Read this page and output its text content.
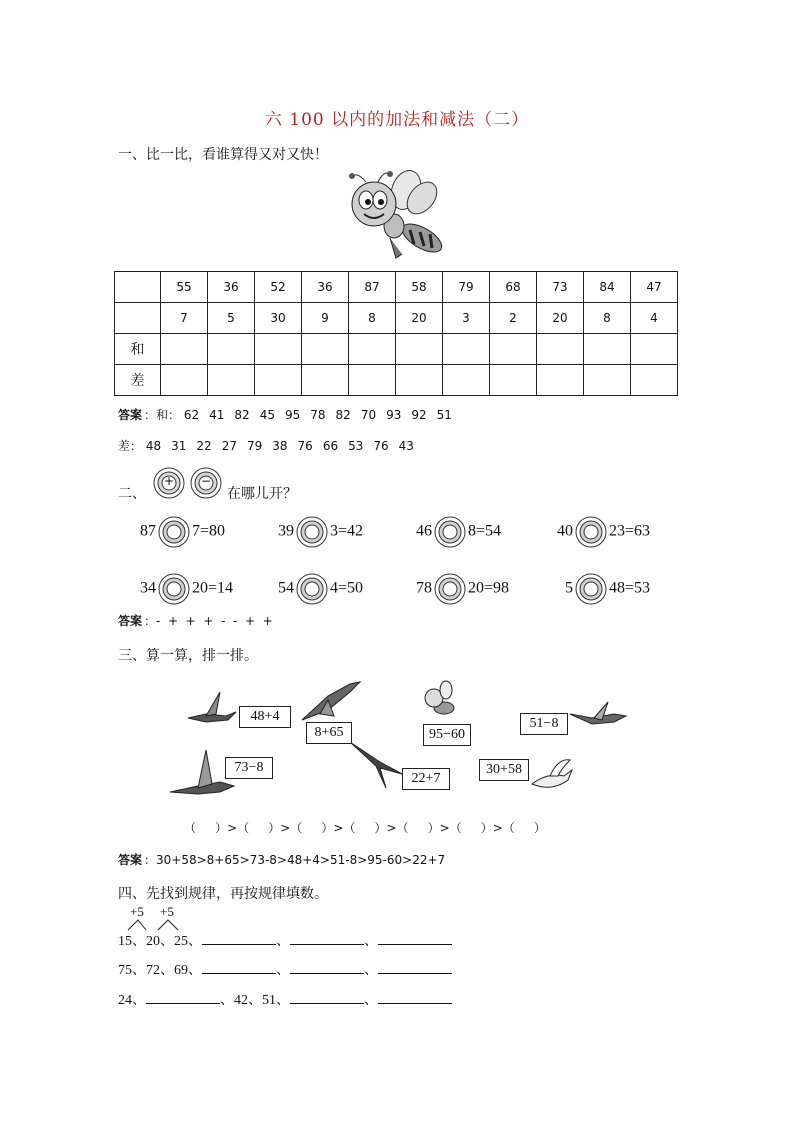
六 100 以内的加法和减法（二）
一、比一比，看谁算得又对又快！
	55	36	52	36	87	58	79	68	73	84	47
	7	5	30	9	8	20	3	2	20	8	4
和											
差											
答案 ：和： 62 41 82 45 95 78 82 70 93 92 51
差： 48 31 22 27 79 38 76 66 53 76 43
二、
+ −
在哪儿开？
87 7=80	39 3=42	46 8=54	40 23=63
34 20=14	54 4=50	78 20=98	5 48=53
答案 ：-  +  +  +  -  -  +  +
三、算一算，排一排。
48+4
8+65	95−60
51−8
73−8
22+7
30+58
（     ）>（     ）>（     ）>（     ）>（     ）>（     ）>（     ）
答案 ：30+58>8+65>73-8>48+4>51-8>95-60>22+7
四、先找到规律，再按规律填数。
+5 +5
15、20、25、	、	、
75、72、69、	、	、
24、	、42、51、	、
